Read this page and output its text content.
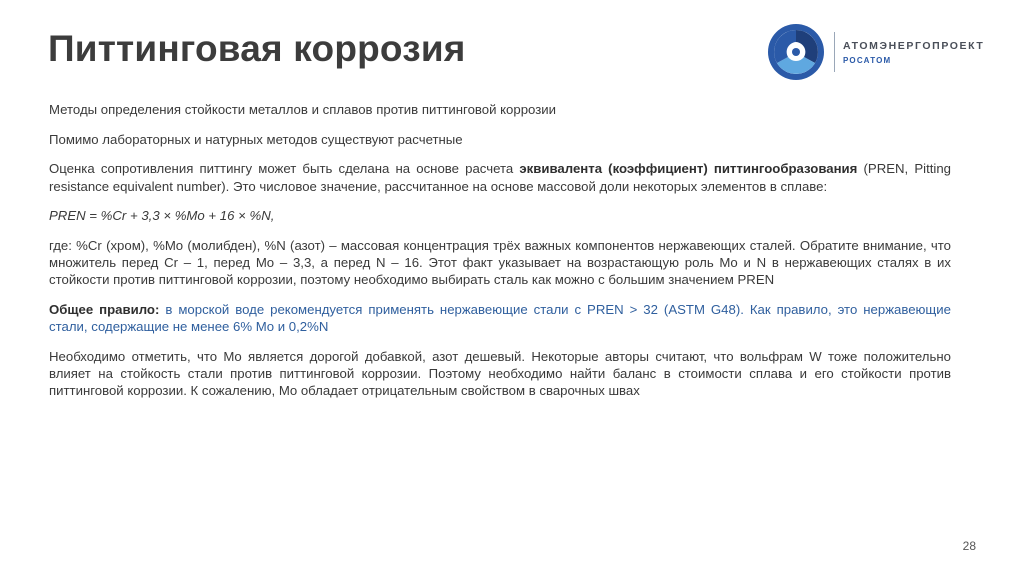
Питтинговая коррозия	АТОМЭНЕРГОПРОЕКТ
РОСАТОМ

Методы определения стойкости металлов и сплавов против питтинговой коррозии

Помимо лабораторных и натурных методов существуют расчетные

Оценка сопротивления питтингу может быть сделана на основе расчета эквивалента (коэффициент) питтингообразования (PREN, Pitting resistance equivalent number). Это числовое значение, рассчитанное на основе массовой доли некоторых элементов в сплаве:

PREN = %Cr + 3,3 × %Mo + 16 × %N,

где: %Cr (хром), %Mo (молибден), %N (азот) – массовая концентрация трёх важных компонентов нержавеющих сталей. Обратите внимание, что множитель перед Cr – 1, перед Mo – 3,3, а перед N – 16. Этот факт указывает на возрастающую роль Mo и N в нержавеющих сталях в их стойкости против питтинговой коррозии, поэтому необходимо выбирать сталь как можно с большим значением PREN

Общее правило: в морской воде рекомендуется применять нержавеющие стали с PREN > 32 (ASTM G48). Как правило, это нержавеющие стали, содержащие не менее 6% Mo и 0,2%N

Необходимо отметить, что Mo является дорогой добавкой, азот дешевый. Некоторые авторы считают, что вольфрам W тоже положительно влияет на стойкость стали против питтинговой коррозии. Поэтому необходимо найти баланс в стоимости сплава и его стойкости против питтинговой коррозии. К сожалению, Mo обладает отрицательным свойством в сварочных швах

28
